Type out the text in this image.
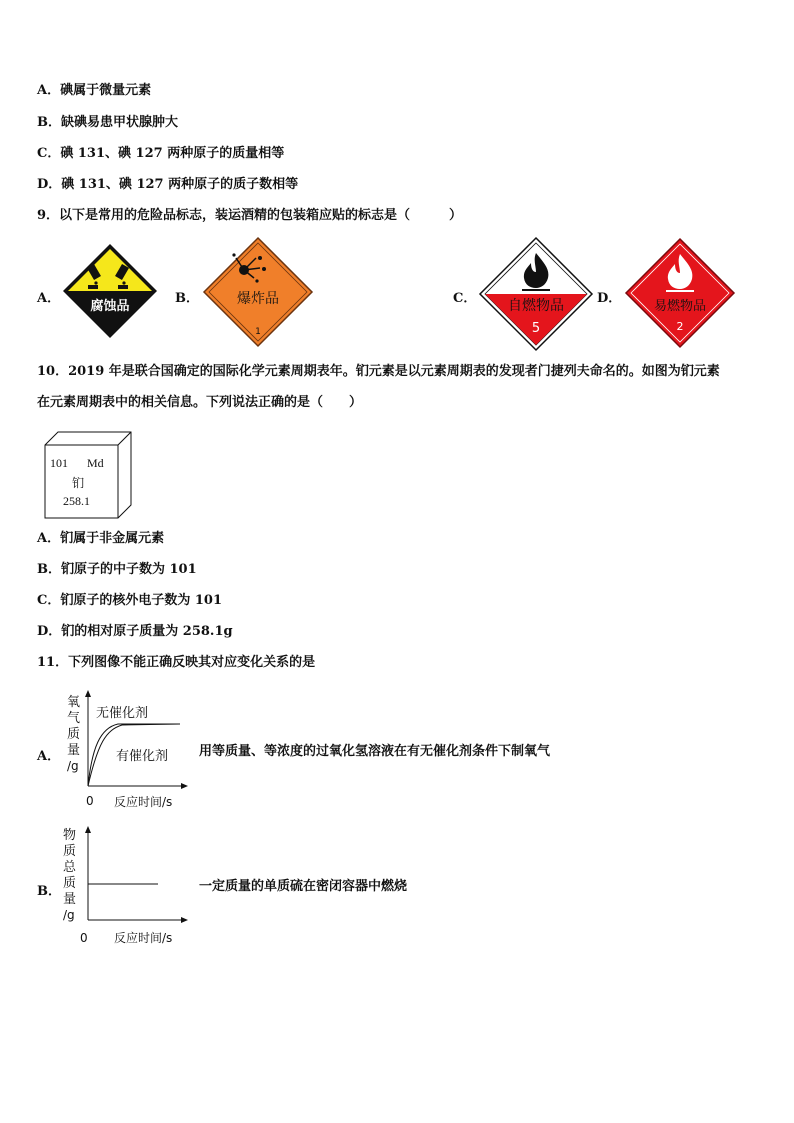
A．碘属于微量元素
B．缺碘易患甲状腺肿大
C．碘 131、碘 127 两种原子的质量相等
D．碘 131、碘 127 两种原子的质子数相等
9．以下是常用的危险品标志，装运酒精的包装箱应贴的标志是（　　　）
A．
腐蚀品
B．	爆炸品
1
C． 自燃物品
5
D．
易燃物品
2
10．2019 年是联合国确定的国际化学元素周期表年。钔元素是以元素周期表的发现者门捷列夫命名的。如图为钔元素
在元素周期表中的相关信息。下列说法正确的是（　　）
101 Md
钔
258.1
A．钔属于非金属元素
B．钔原子的中子数为 101
C．钔原子的核外电子数为 101
D．钔的相对原子质量为 258.1g
11．下列图像不能正确反映其对应变化关系的是
A．
氧
气
质
量
/g
无催化剂
有催化剂
0 反应时间/s
用等质量、等浓度的过氧化氢溶液在有无催化剂条件下制氧气
B．
物
质
总
质
量
/g
0 反应时间/s
一定质量的单质硫在密闭容器中燃烧
